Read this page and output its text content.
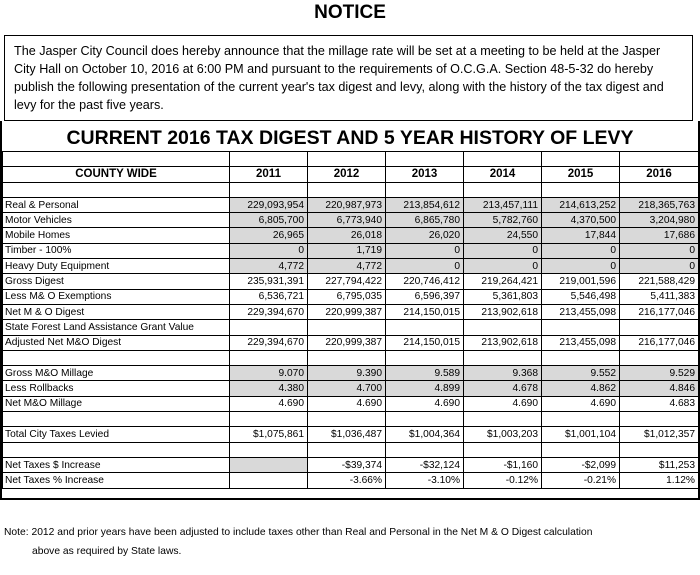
NOTICE

The Jasper City Council does hereby announce that the millage rate will be set at a meeting to be held at the Jasper City Hall on October 10, 2016 at 6:00 PM and pursuant to the requirements of O.C.G.A. Section 48-5-32 do hereby publish the following presentation of the current year's tax digest and levy, along with the history of the tax digest and levy for the past five years.

CURRENT 2016 TAX DIGEST AND 5 YEAR HISTORY OF LEVY

COUNTY WIDE	2011	2012	2013	2014	2015	2016

Real & Personal	229,093,954	220,987,973	213,854,612	213,457,111	214,613,252	218,365,763
Motor Vehicles	6,805,700	6,773,940	6,865,780	5,782,760	4,370,500	3,204,980
Mobile Homes	26,965	26,018	26,020	24,550	17,844	17,686
Timber - 100%	0	1,719	0	0	0	0
Heavy Duty Equipment	4,772	4,772	0	0	0	0
Gross Digest	235,931,391	227,794,422	220,746,412	219,264,421	219,001,596	221,588,429
Less M& O Exemptions	6,536,721	6,795,035	6,596,397	5,361,803	5,546,498	5,411,383
Net M & O Digest	229,394,670	220,999,387	214,150,015	213,902,618	213,455,098	216,177,046
State Forest Land Assistance Grant Value						
Adjusted Net M&O Digest	229,394,670	220,999,387	214,150,015	213,902,618	213,455,098	216,177,046

Gross M&O Millage	9.070	9.390	9.589	9.368	9.552	9.529
Less Rollbacks	4.380	4.700	4.899	4.678	4.862	4.846
Net M&O Millage	4.690	4.690	4.690	4.690	4.690	4.683

Total City Taxes Levied	$1,075,861	$1,036,487	$1,004,364	$1,003,203	$1,001,104	$1,012,357

Net Taxes $ Increase		-$39,374	-$32,124	-$1,160	-$2,099	$11,253
Net Taxes % Increase		-3.66%	-3.10%	-0.12%	-0.21%	1.12%

Note: 2012 and prior years have been adjusted to include taxes other than Real and Personal in the Net M & O Digest calculation

above as required by State laws.
